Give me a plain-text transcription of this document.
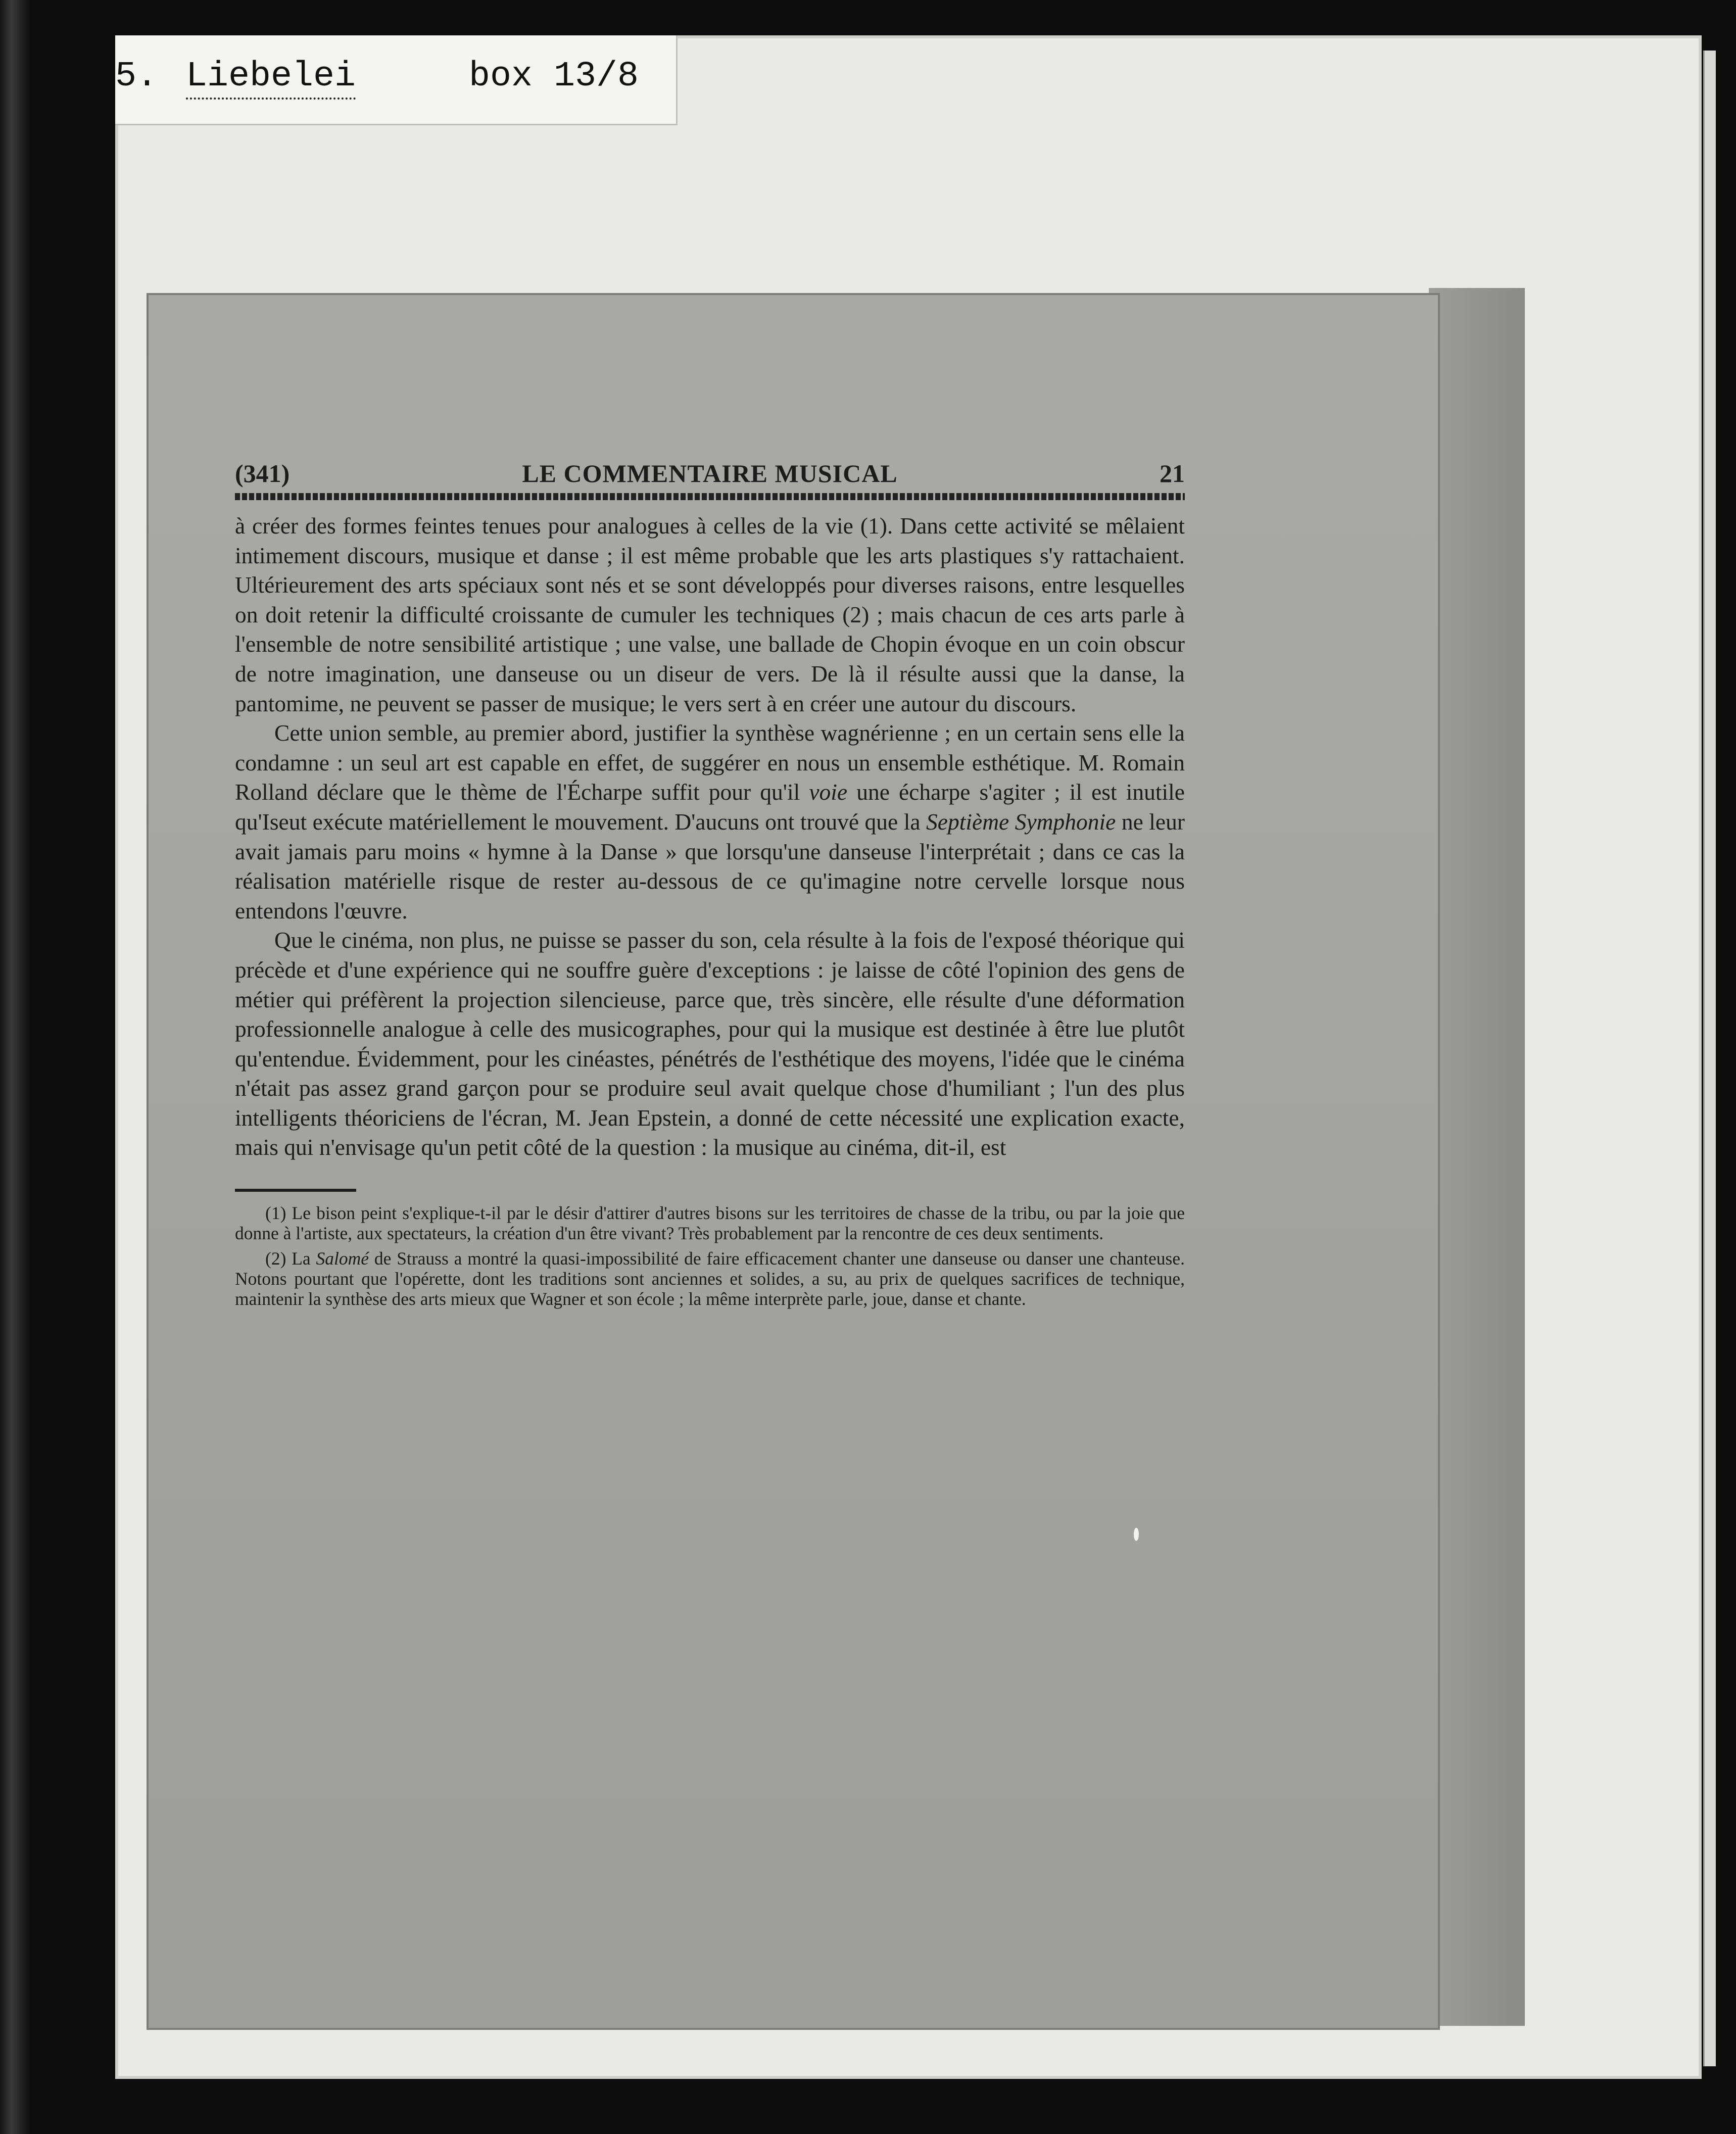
5. Liebelei	box 13/8
(341)	LE COMMENTAIRE MUSICAL	21

à créer des formes feintes tenues pour analogues à celles de la vie (1). Dans cette activité se mêlaient intimement discours, musique et danse ; il est même probable que les arts plastiques s'y rattachaient. Ultérieurement des arts spéciaux sont nés et se sont développés pour diverses raisons, entre lesquelles on doit retenir la difficulté croissante de cumuler les techniques (2) ; mais chacun de ces arts parle à l'ensemble de notre sensibilité artistique ; une valse, une ballade de Chopin évoque en un coin obscur de notre imagination, une danseuse ou un diseur de vers. De là il résulte aussi que la danse, la pantomime, ne peuvent se passer de musique; le vers sert à en créer une autour du discours.

Cette union semble, au premier abord, justifier la synthèse wagnérienne ; en un certain sens elle la condamne : un seul art est capable en effet, de suggérer en nous un ensemble esthétique. M. Romain Rolland déclare que le thème de l'Écharpe suffit pour qu'il voie une écharpe s'agiter ; il est inutile qu'Iseut exécute matériellement le mouvement. D'aucuns ont trouvé que la Septième Symphonie ne leur avait jamais paru moins « hymne à la Danse » que lorsqu'une danseuse l'interprétait ; dans ce cas la réalisation matérielle risque de rester au-dessous de ce qu'imagine notre cervelle lorsque nous entendons l'œuvre.

Que le cinéma, non plus, ne puisse se passer du son, cela résulte à la fois de l'exposé théorique qui précède et d'une expérience qui ne souffre guère d'exceptions : je laisse de côté l'opinion des gens de métier qui préfèrent la projection silencieuse, parce que, très sincère, elle résulte d'une déformation professionnelle analogue à celle des musicographes, pour qui la musique est destinée à être lue plutôt qu'entendue. Évidemment, pour les cinéastes, pénétrés de l'esthétique des moyens, l'idée que le cinéma n'était pas assez grand garçon pour se produire seul avait quelque chose d'humiliant ; l'un des plus intelligents théoriciens de l'écran, M. Jean Epstein, a donné de cette nécessité une explication exacte, mais qui n'envisage qu'un petit côté de la question : la musique au cinéma, dit-il, est

(1) Le bison peint s'explique-t-il par le désir d'attirer d'autres bisons sur les territoires de chasse de la tribu, ou par la joie que donne à l'artiste, aux spectateurs, la création d'un être vivant? Très probablement par la rencontre de ces deux sentiments.

(2) La Salomé de Strauss a montré la quasi-impossibilité de faire efficacement chanter une danseuse ou danser une chanteuse. Notons pourtant que l'opérette, dont les traditions sont anciennes et solides, a su, au prix de quelques sacrifices de technique, maintenir la synthèse des arts mieux que Wagner et son école ; la même interprète parle, joue, danse et chante.
